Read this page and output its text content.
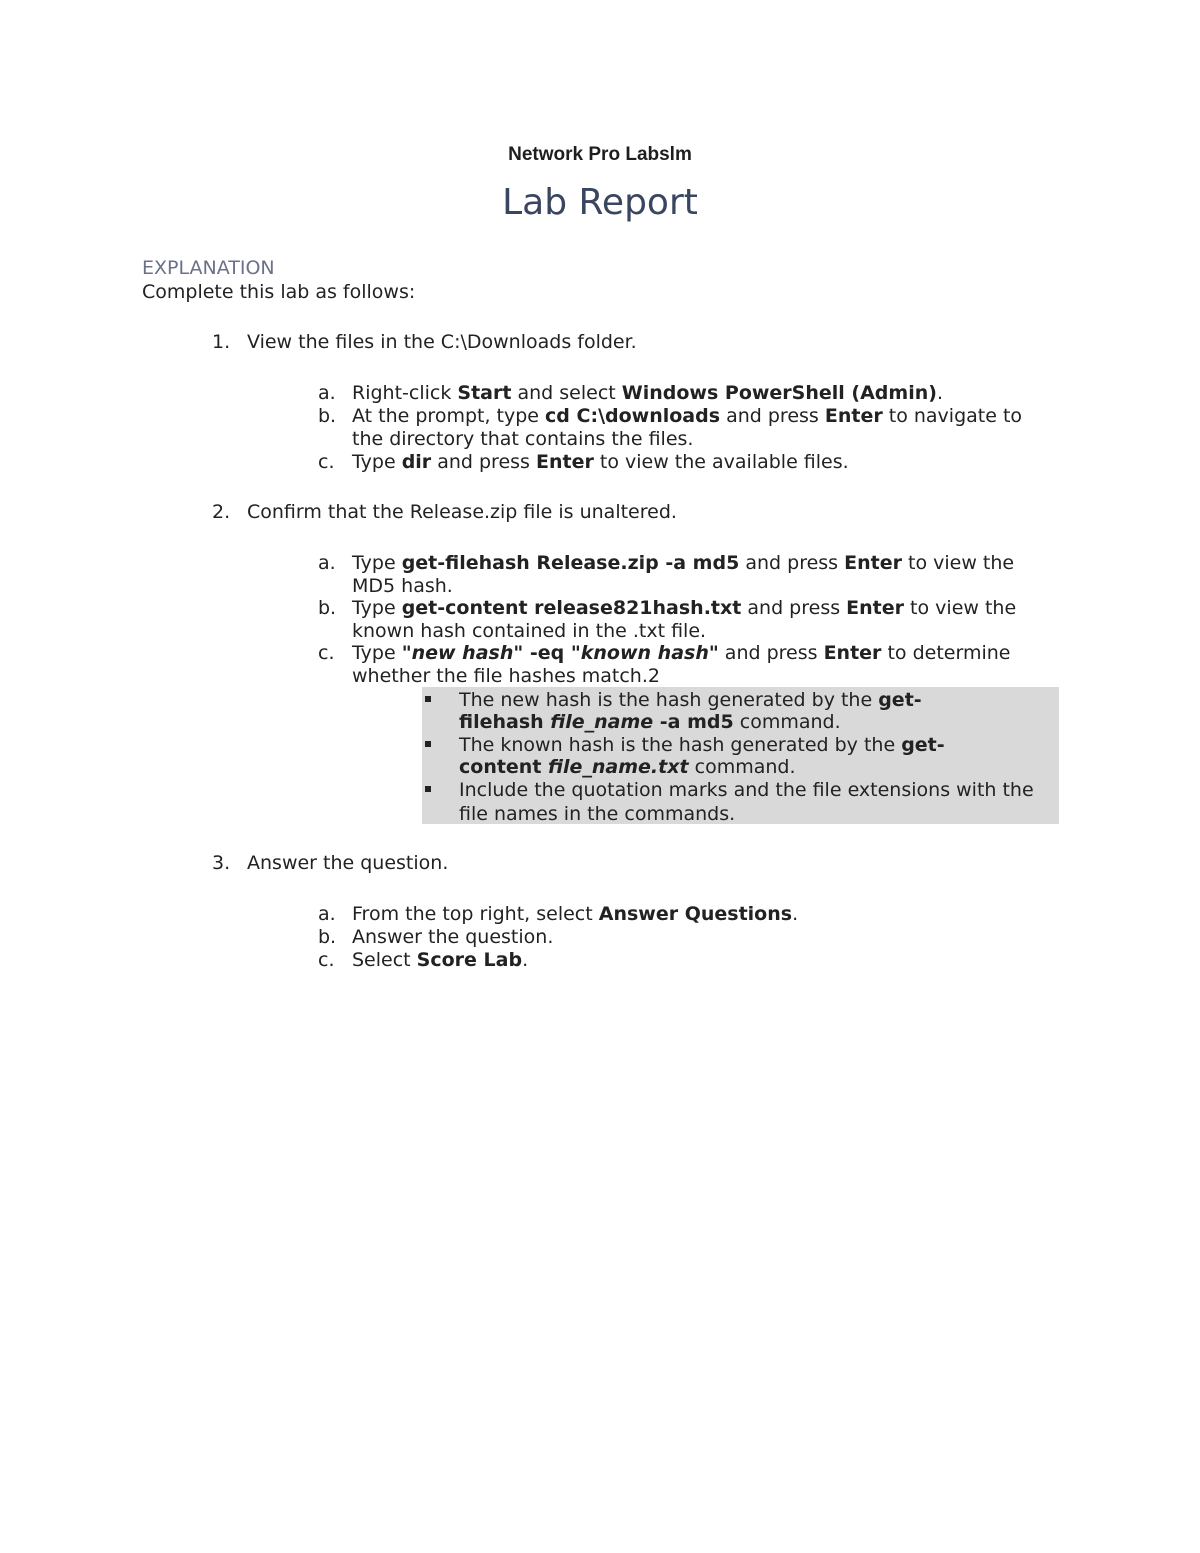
Network Pro Labslm
Lab Report
EXPLANATION
Complete this lab as follows:
1. View the files in the C:\Downloads folder.
a. Right-click Start and select Windows PowerShell (Admin).
b. At the prompt, type cd C:\downloads and press Enter to navigate to
the directory that contains the files.
c. Type dir and press Enter to view the available files.
2. Confirm that the Release.zip file is unaltered.
a. Type get-filehash Release.zip -a md5 and press Enter to view the
MD5 hash.
b. Type get-content release821hash.txt and press Enter to view the
known hash contained in the .txt file.
c. Type "new hash" -eq "known hash" and press Enter to determine
whether the file hashes match.2
The new hash is the hash generated by the get-
filehash file_name -a md5 command.
The known hash is the hash generated by the get-
content file_name.txt command.
Include the quotation marks and the file extensions with the
file names in the commands.
3. Answer the question.
a. From the top right, select Answer Questions.
b. Answer the question.
c. Select Score Lab.
